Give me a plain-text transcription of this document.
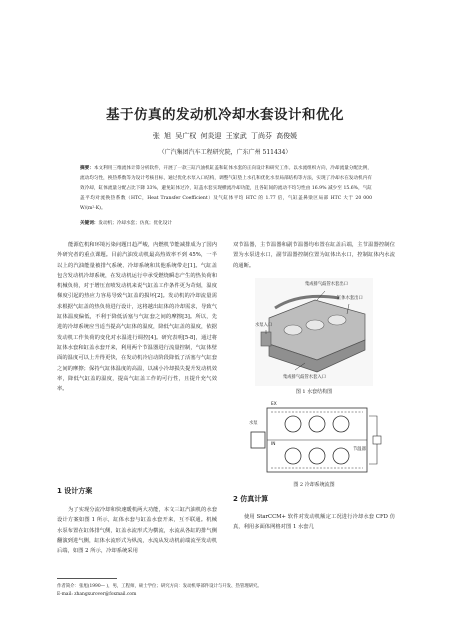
基于仿真的发动机冷却水套设计和优化
张 旭 吴广权 何炎迎 王家武 丁尚芬 高俊媛
（广汽集团汽车工程研究院，广东广州 511434）
摘要：本文利用三维流体计算分析软件，开展了一款三缸汽油机缸盖和缸体水套的正向设计和研究工作。以水流组织方向，冷却流量分配比例，流动均匀性，换热系数等为设计考核目标，通过优化水泵入口结构，调整气缸垫上水孔和优化水泵局部结构等方法，实现了冷却水在发动机内有效冷却，缸体流量分配占比下降 33%，避免缸体过冷，缸盖水套实现横流冷却功能，且各缸间的流动不均匀性由 16.9% 减少至 15.6%，气缸盖平均对流换热系数（HTC，Heat Transfer Coefficient）及气缸体平均 HTC 的 1.77 倍，气缸盖鼻梁区局部 HTC 大于 20 000 W/(m²·K)。
关键词：发动机；冷却水套；仿真；优化设计

能源危机和环境污染问题日趋严峻，内燃机节能减排成为了国内外研究者的重点课题。目前汽油发动机最高热效率不到 45%，一半以上的汽油能量被排气系统、冷却系统和其他系统带走[1]。气缸盖包含发动机冷却系统，在发动机运行中承受燃烧瞬态产生的热负荷和机械负荷，对于增压直喷发动机来说气缸盖工作条件更为苛刻，温度梯度引起的热应力容易导致气缸盖的损坏[2]。发动机的冷却流量需求根据气缸盖的热负荷进行设计，这将越出缸体的冷却需求，导致气缸体温度偏低，不利于降低活塞与气缸套之间的摩擦[3]。所以，先进的冷却系统应当适当提高气缸体的温度，降低气缸盖的温度，依据发动机工作负荷的变化对水温进行调控[4]。研究表明[5-8]，通过将缸体水套和缸盖水套开来，利用两个节温器进行流量控制，气缸体壁面的温度可以上升得更快，在发动机冷启动阶段降低了活塞与气缸套之间的摩擦；保持气缸体温度的高温，以减小冷却损失提升发动机效率，降低气缸盖的温度，提高气缸盖工作的可行性，且提升充气效率。

1 设计方案

为了实现分流冷却和快速暖机两大功能，本文三缸汽油机的水套设计方案如图 1 所示，缸体水套与缸盖水套开来，互不联通。机械水泵布置在缸体排气侧，缸盖水流形式为横流，水流从各缸的排气侧翻演到进气侧，缸体水流形式为纵流，水流从发动机前端流至发动机后端，如图 2 所示，冷却系统采用

双节温器，主节温器和副节温器均布置在缸盖后端，主节温器控制位置为水泵进水口，副节温器控制位置为缸体出水口，控制缸体内水流的通断。

集成排气歧管水套出口
缸体水套出口
水泵入口
集成排气歧管水套入口
图 1 水套结构图
水泵
EX
IN
节温器
图 2 冷却系统流图
2 仿真计算

使用 StarCCM+ 软件对发动机额定工况进行冷却水套 CFD 仿真，利用多面体网格对图 1 水套几

作者简介：张旭(1990— )，男，工程师，硕士学位；研究方向：发动机零部件设计与开发、热管理研究。
E-mail: zhangxurover@foxmail.com
